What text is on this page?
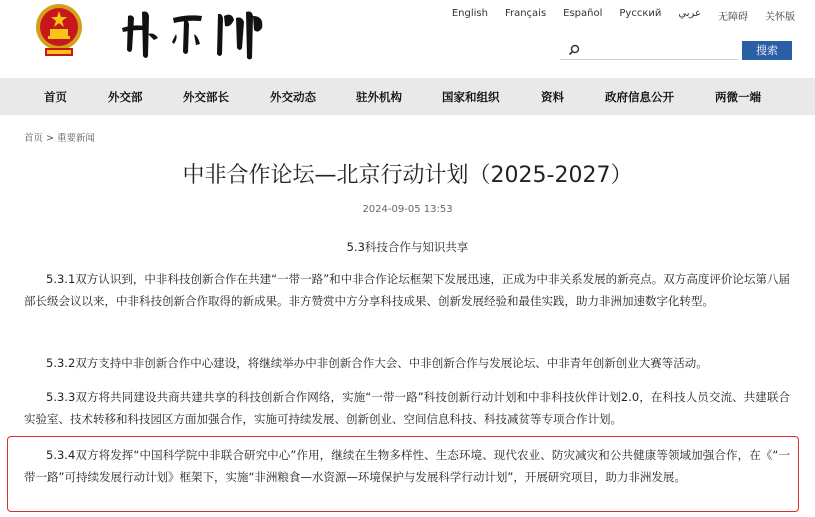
English Français Español Русский عربي 无障碍 关怀版
搜索
首页	外交部	外交部长	外交动态	驻外机构	国家和组织	资料	政府信息公开	两微一端
首页 > 重要新闻
中非合作论坛—北京行动计划（2025-2027）
2024-09-05 13:53
5.3科技合作与知识共享
5.3.1双方认识到，中非科技创新合作在共建“一带一路”和中非合作论坛框架下发展迅速，正成为中非关系发展的新亮点。双方高度评价论坛第八届部长级会议以来，中非科技创新合作取得的新成果。非方赞赏中方分享科技成果、创新发展经验和最佳实践，助力非洲加速数字化转型。
5.3.2双方支持中非创新合作中心建设，将继续举办中非创新合作大会、中非创新合作与发展论坛、中非青年创新创业大赛等活动。
5.3.3双方将共同建设共商共建共享的科技创新合作网络，实施“一带一路”科技创新行动计划和中非科技伙伴计划2.0，在科技人员交流、共建联合实验室、技术转移和科技园区方面加强合作，实施可持续发展、创新创业、空间信息科技、科技减贫等专项合作计划。
5.3.4双方将发挥“中国科学院中非联合研究中心”作用，继续在生物多样性、生态环境、现代农业、防灾减灾和公共健康等领域加强合作，在《“一带一路”可持续发展行动计划》框架下，实施“非洲粮食—水资源—环境保护与发展科学行动计划”，开展研究项目，助力非洲发展。
